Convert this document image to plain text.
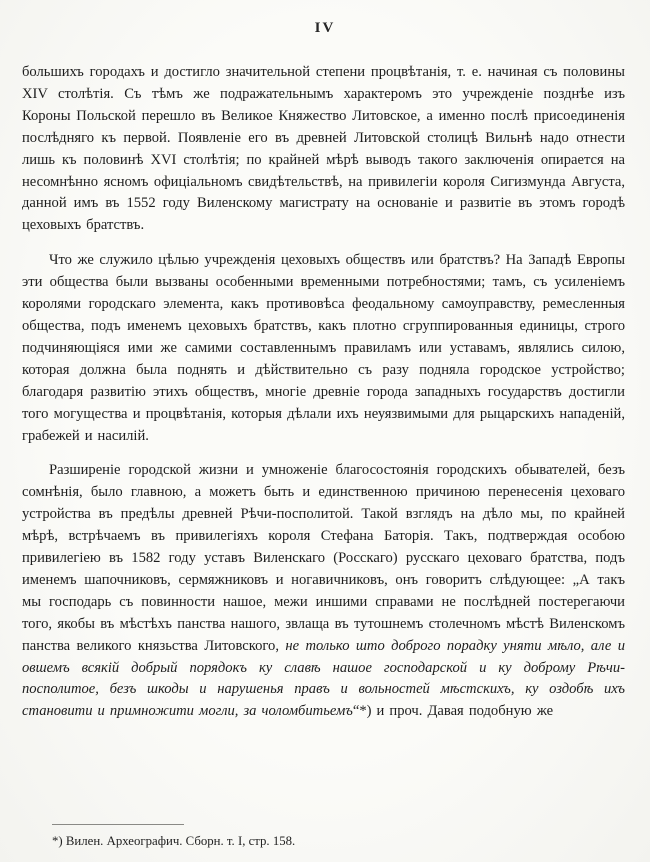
IV

большихъ городахъ и достигло значительной степени процвѣтанія, т. е. начиная съ половины XIV столѣтія. Съ тѣмъ же подражательнымъ характеромъ это учрежденіе позднѣе изъ Короны Польской перешло въ Великое Княжество Литовское, а именно послѣ присоединенія послѣдняго къ первой. Появленіе его въ древней Литовской столицѣ Вильнѣ надо отнести лишь къ половинѣ XVI столѣтія; по крайней мѣрѣ выводъ такого заключенія опирается на несомнѣнно ясномъ офиціальномъ свидѣтельствѣ, на привилегіи короля Сигизмунда Августа, данной имъ въ 1552 году Виленскому магистрату на основаніе и развитіе въ этомъ городѣ цеховыхъ братствъ.

Что же служило цѣлью учрежденія цеховыхъ обществъ или братствъ? На Западѣ Европы эти общества были вызваны особенными временными потребностями; тамъ, съ усиленіемъ королями городскаго элемента, какъ противовѣса феодальному самоуправству, ремесленныя общества, подъ именемъ цеховыхъ братствъ, какъ плотно сгруппированныя единицы, строго подчиняющіяся ими же самими составленнымъ правиламъ или уставамъ, являлись силою, которая должна была поднять и дѣйствительно съ разу подняла городское устройство; благодаря развитію этихъ обществъ, многіе древніе города западныхъ государствъ достигли того могущества и процвѣтанія, которыя дѣлали ихъ неуязвимыми для рыцарскихъ нападеній, грабежей и насилій.

Разширеніе городской жизни и умноженіе благосостоянія городскихъ обывателей, безъ сомнѣнія, было главною, а можетъ быть и единственною причиною перенесенія цеховаго устройства въ предѣлы древней Рѣчи-посполитой. Такой взглядъ на дѣло мы, по крайней мѣрѣ, встрѣчаемъ въ привилегіяхъ короля Стефана Баторія. Такъ, подтверждая особою привилегіею въ 1582 году уставъ Виленскаго (Росскаго) русскаго цеховаго братства, подъ именемъ шапочниковъ, сермяжниковъ и ногавичниковъ, онъ говоритъ слѣдующее: „А такъ мы господарь съ повинности нашое, межи иншими справами не послѣдней постерегаючи того, якобы въ мѣстѣхъ панства нашого, звлаща въ тутошнемъ столечномъ мѣстѣ Виленскомъ панства великого князьства Литовского, не только што доброго порадку уняти мѣло, але и овшемъ всякій добрый порядокъ ку славѣ нашое господарской и ку доброму Рѣчи-посполитое, безъ шкоды и нарушенья правъ и вольностей мѣстскихъ, ку оздобѣ ихъ становити и примножити могли, за чоломбитьемъ“*) и проч. Давая подобную же

*) Вилен. Археографич. Сборн. т. I, стр. 158.
